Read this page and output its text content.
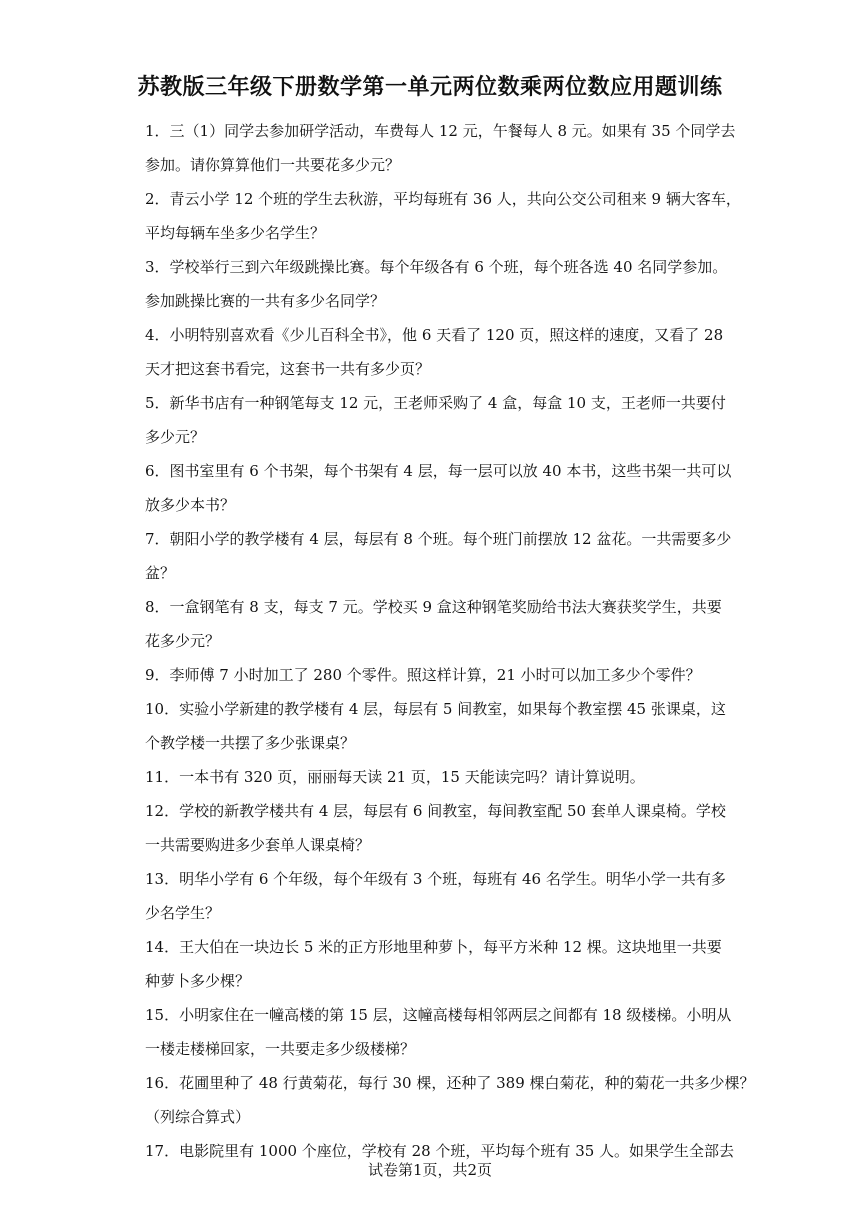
苏教版三年级下册数学第一单元两位数乘两位数应用题训练
1．三（1）同学去参加研学活动，车费每人 12 元，午餐每人 8 元。如果有 35 个同学去
参加。请你算算他们一共要花多少元？
2．青云小学 12 个班的学生去秋游，平均每班有 36 人，共向公交公司租来 9 辆大客车，
平均每辆车坐多少名学生？
3．学校举行三到六年级跳操比赛。每个年级各有 6 个班，每个班各选 40 名同学参加。
参加跳操比赛的一共有多少名同学？
4．小明特别喜欢看《少儿百科全书》，他 6 天看了 120 页，照这样的速度，又看了 28
天才把这套书看完，这套书一共有多少页？
5．新华书店有一种钢笔每支 12 元，王老师采购了 4 盒，每盒 10 支，王老师一共要付
多少元？
6．图书室里有 6 个书架，每个书架有 4 层，每一层可以放 40 本书，这些书架一共可以
放多少本书？
7．朝阳小学的教学楼有 4 层，每层有 8 个班。每个班门前摆放 12 盆花。一共需要多少
盆？
8．一盒钢笔有 8 支，每支 7 元。学校买 9 盒这种钢笔奖励给书法大赛获奖学生，共要
花多少元？
9．李师傅 7 小时加工了 280 个零件。照这样计算，21 小时可以加工多少个零件？
10．实验小学新建的教学楼有 4 层，每层有 5 间教室，如果每个教室摆 45 张课桌，这
个教学楼一共摆了多少张课桌？
11．一本书有 320 页，丽丽每天读 21 页，15 天能读完吗？请计算说明。
12．学校的新教学楼共有 4 层，每层有 6 间教室，每间教室配 50 套单人课桌椅。学校
一共需要购进多少套单人课桌椅？
13．明华小学有 6 个年级，每个年级有 3 个班，每班有 46 名学生。明华小学一共有多
少名学生？
14．王大伯在一块边长 5 米的正方形地里种萝卜，每平方米种 12 棵。这块地里一共要
种萝卜多少棵？
15．小明家住在一幢高楼的第 15 层，这幢高楼每相邻两层之间都有 18 级楼梯。小明从
一楼走楼梯回家，一共要走多少级楼梯？
16．花圃里种了 48 行黄菊花，每行 30 棵，还种了 389 棵白菊花，种的菊花一共多少棵？
（列综合算式）
17．电影院里有 1000 个座位，学校有 28 个班，平均每个班有 35 人。如果学生全部去
试卷第1页，共2页
